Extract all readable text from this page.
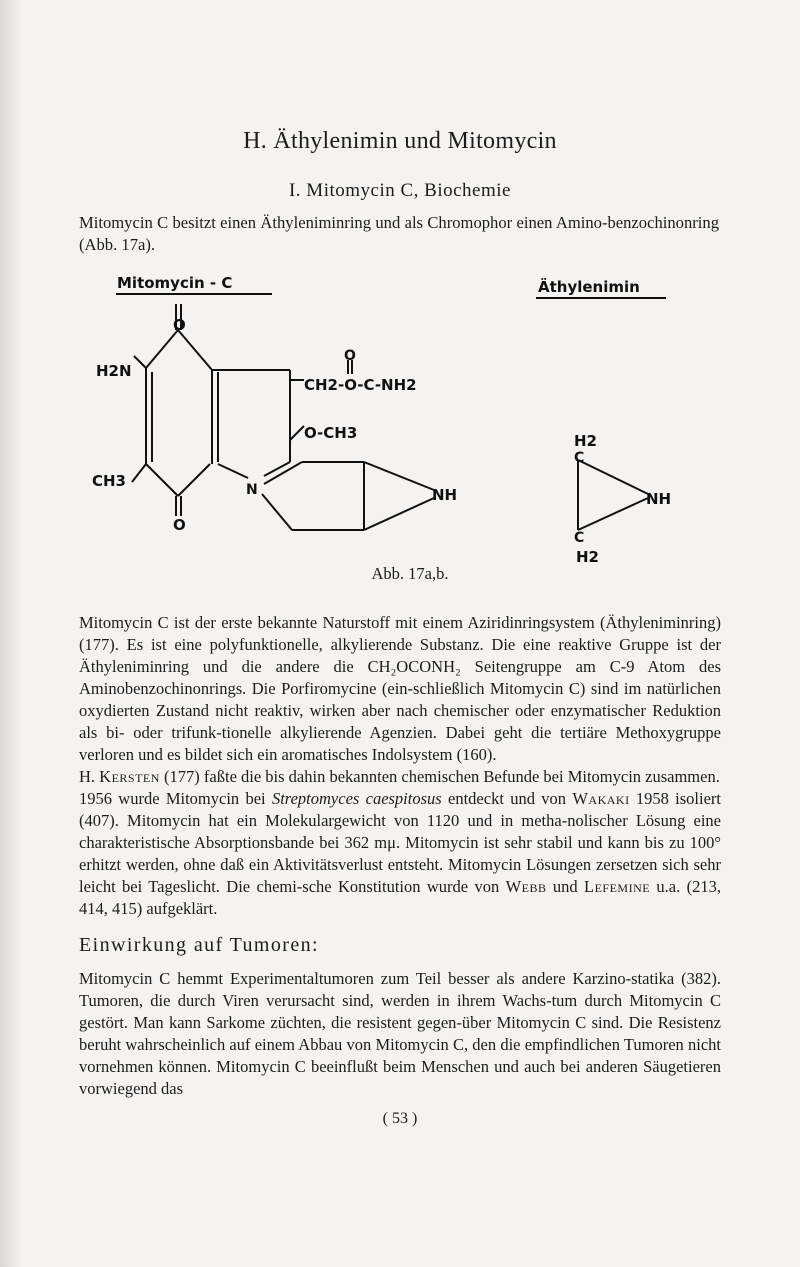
H. Äthylenimin und Mitomycin
I. Mitomycin C, Biochemie
Mitomycin C besitzt einen Äthyleniminring und als Chromophor einen Amino-benzochinonring (Abb. 17a).
Mitomycin - C	Äthylenimin
O
H2N
O
CH2-O-C-NH2
O-CH3
CH3	N
O
NH
H2
C
NH
C
H2
Abb. 17a,b.

Mitomycin C ist der erste bekannte Naturstoff mit einem Aziridinringsystem (Äthyleniminring) (177). Es ist eine polyfunktionelle, alkylierende Substanz. Die eine reaktive Gruppe ist der Äthyleniminring und die andere die CH₂OCONH₂ Seitengruppe am C-9 Atom des Aminobenzochinonrings. Die Porfiromycine (ein-schließlich Mitomycin C) sind im natürlichen oxydierten Zustand nicht reaktiv, wirken aber nach chemischer oder enzymatischer Reduktion als bi- oder trifunk-tionelle alkylierende Agenzien. Dabei geht die tertiäre Methoxygruppe verloren und es bildet sich ein aromatisches Indolsystem (160).

H. Kersten (177) faßte die bis dahin bekannten chemischen Befunde bei Mitomycin zusammen.

1956 wurde Mitomycin bei Streptomyces caespitosus entdeckt und von Wakaki 1958 isoliert (407). Mitomycin hat ein Molekulargewicht von 1120 und in metha-nolischer Lösung eine charakteristische Absorptionsbande bei 362 mμ. Mitomycin ist sehr stabil und kann bis zu 100° erhitzt werden, ohne daß ein Aktivitätsverlust entsteht. Mitomycin Lösungen zersetzen sich sehr leicht bei Tageslicht. Die chemi-sche Konstitution wurde von Webb und Lefemine u.a. (213, 414, 415) aufgeklärt.

Einwirkung auf Tumoren:
Mitomycin C hemmt Experimentaltumoren zum Teil besser als andere Karzino-statika (382). Tumoren, die durch Viren verursacht sind, werden in ihrem Wachs-tum durch Mitomycin C gestört. Man kann Sarkome züchten, die resistent gegen-über Mitomycin C sind. Die Resistenz beruht wahrscheinlich auf einem Abbau von Mitomycin C, den die empfindlichen Tumoren nicht vornehmen können. Mitomycin C beeinflußt beim Menschen und auch bei anderen Säugetieren vorwiegend das
( 53 )
